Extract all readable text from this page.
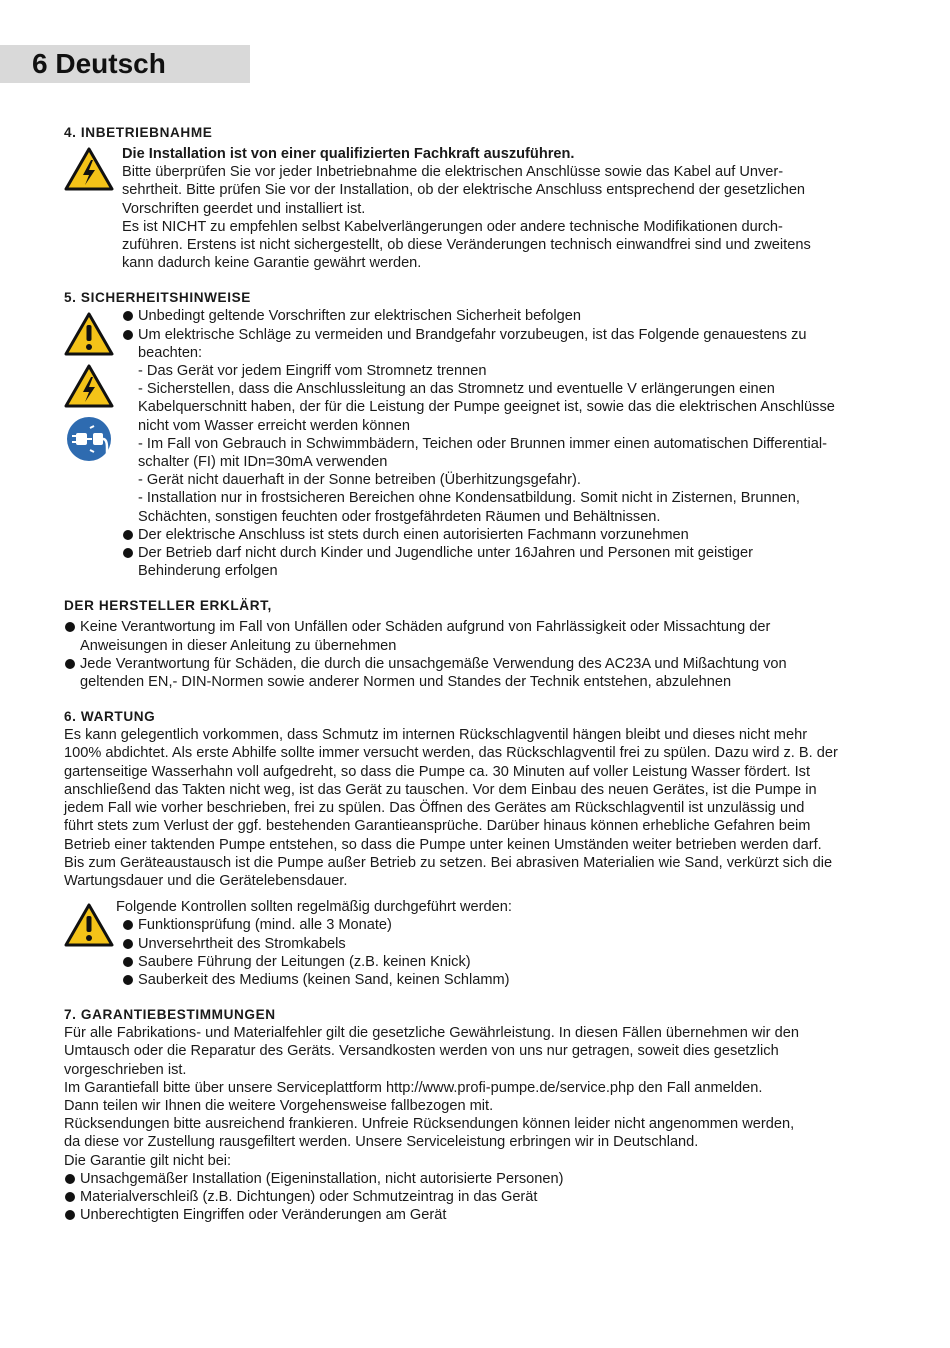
6 Deutsch

4. INBETRIEBNAHME

Die Installation ist von einer qualifizierten Fachkraft auszuführen.

Bitte überprüfen Sie vor jeder Inbetriebnahme die elektrischen Anschlüsse sowie das Kabel auf Unver-

sehrtheit. Bitte prüfen Sie vor der Installation, ob der elektrische Anschluss entsprechend der gesetzlichen

Vorschriften geerdet und installiert ist.

Es ist NICHT zu empfehlen selbst Kabelverlängerungen oder andere technische Modifikationen durch-

zuführen. Erstens ist nicht sichergestellt, ob diese Veränderungen technisch einwandfrei sind und zweitens

kann dadurch keine Garantie gewährt werden.

5. SICHERHEITSHINWEISE

Unbedingt geltende Vorschriften zur elektrischen Sicherheit befolgen
Um elektrische Schläge zu vermeiden und Brandgefahr vorzubeugen, ist das Folgende genauestens zu
beachten:

- Das Gerät vor jedem Eingriff vom Stromnetz trennen

- Sicherstellen, dass die Anschlussleitung an das Stromnetz und eventuelle V erlängerungen einen

Kabelquerschnitt haben, der für die Leistung der Pumpe geeignet ist, sowie das die elektrischen Anschlüsse

nicht vom Wasser erreicht werden können

- Im Fall von Gebrauch in Schwimmbädern, Teichen oder Brunnen immer einen automatischen Differential-

schalter (FI) mit IDn=30mA verwenden

- Gerät nicht dauerhaft in der Sonne betreiben (Überhitzungsgefahr).

- Installation nur in frostsicheren Bereichen ohne Kondensatbildung. Somit nicht in Zisternen, Brunnen,

Schächten, sonstigen feuchten oder frostgefährdeten Räumen und Behältnissen.

Der elektrische Anschluss ist stets durch einen autorisierten Fachmann vorzunehmen
Der Betrieb darf nicht durch Kinder und Jugendliche unter 16Jahren und Personen mit geistiger
Behinderung erfolgen

DER HERSTELLER ERKLÄRT,

Keine Verantwortung im Fall von Unfällen oder Schäden aufgrund von Fahrlässigkeit oder Missachtung der
Anweisungen in dieser Anleitung zu übernehmen
Jede Verantwortung für Schäden, die durch die unsachgemäße Verwendung des AC23A und Mißachtung von
geltenden EN,- DIN-Normen sowie anderer Normen und Standes der Technik entstehen, abzulehnen

6. WARTUNG

Es kann gelegentlich vorkommen, dass Schmutz im internen Rückschlagventil hängen bleibt und dieses nicht mehr

100% abdichtet. Als erste Abhilfe sollte immer versucht werden, das Rückschlagventil frei zu spülen. Dazu wird z. B. der

gartenseitige Wasserhahn voll aufgedreht, so dass die Pumpe ca. 30 Minuten auf voller Leistung Wasser fördert. Ist

anschließend das Takten nicht weg, ist das Gerät zu tauschen. Vor dem Einbau des neuen Gerätes, ist die Pumpe in

jedem Fall wie vorher beschrieben, frei zu spülen. Das Öffnen des Gerätes am Rückschlagventil ist unzulässig und

führt stets zum Verlust der ggf. bestehenden Garantieansprüche. Darüber hinaus können erhebliche Gefahren beim

Betrieb einer taktenden Pumpe entstehen, so dass die Pumpe unter keinen Umständen weiter betrieben werden darf.

Bis zum Geräteaustausch ist die Pumpe außer Betrieb zu setzen. Bei abrasiven Materialien wie Sand, verkürzt sich die

Wartungsdauer und die Gerätelebensdauer.

Folgende Kontrollen sollten regelmäßig durchgeführt werden:

Funktionsprüfung (mind. alle 3 Monate)
Unversehrtheit des Stromkabels
Saubere Führung der Leitungen (z.B. keinen Knick)
Sauberkeit des Mediums (keinen Sand, keinen Schlamm)

7. GARANTIEBESTIMMUNGEN

Für alle Fabrikations- und Materialfehler gilt die gesetzliche Gewährleistung. In diesen Fällen übernehmen wir den

Umtausch oder die Reparatur des Geräts. Versandkosten werden von uns nur getragen, soweit dies gesetzlich

vorgeschrieben ist.

Im Garantiefall bitte über unsere Serviceplattform http://www.profi-pumpe.de/service.php den Fall anmelden.

Dann teilen wir Ihnen die weitere Vorgehensweise fallbezogen mit.

Rücksendungen bitte ausreichend frankieren. Unfreie Rücksendungen können leider nicht angenommen werden,

da diese vor Zustellung rausgefiltert werden. Unsere Serviceleistung erbringen wir in Deutschland.

Die Garantie gilt nicht bei:

Unsachgemäßer Installation (Eigeninstallation, nicht autorisierte Personen)
Materialverschleiß (z.B. Dichtungen) oder Schmutzeintrag in das Gerät
Unberechtigten Eingriffen oder Veränderungen am Gerät
